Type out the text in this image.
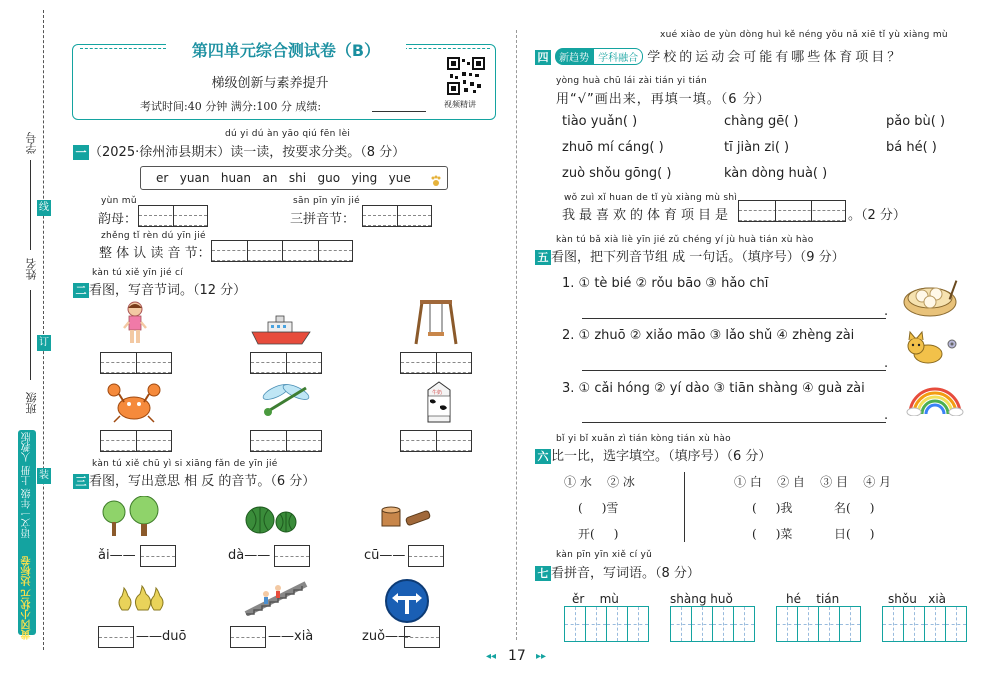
学号
姓名
班级
线
订
装
黄冈小状元 达标卷
语文一年级 上册 人教版
第四单元综合测试卷（B）
梯级创新与素养提升
考试时间:40 分钟 满分:100 分 成绩:	视频精讲
dú yi dú àn yāo qiú fēn lèi
一 （2025·徐州沛县期末）读一读，按要求分类。（8 分）
er   yuan   huan   an   shi   guo   ying   yue
yùn mǔ
韵母：
sān pīn yīn jié
三拼音节：
zhěng tǐ rèn dú yīn jié
整 体 认 读 音 节：
kàn tú xiě yīn jié cí
二 看图，写音节词。（12 分）
牛奶
kàn tú xiě chū yì si xiāng fǎn de yīn jié
三 看图，写出意思 相 反 的音节。（6 分）
ǎi——	dà——	cū——
——duō	——xià	zuǒ——
xué xiào de yùn dòng huì kě néng yǒu nǎ xiē tǐ yù xiàng mù
四 新趋势 学科融合 学校的运动会可能有哪些体育项目？
yòng huà chū lái zài tián yi tián
用“√”画出来，再填一填。（6 分）
tiào yuǎn( )	chàng gē( )	pǎo bù( )
zhuō mí cáng( )	tī jiàn zi( )	bá hé( )
zuò shǒu gōng( )	kàn dòng huà( )
wǒ zuì xǐ huan de tǐ yù xiàng mù shì
我最喜欢的体育项目是	。（2 分）
kàn tú bǎ xià liè yīn jié zǔ chéng yí jù huà tián xù hào
五 看图，把下列音节组 成 一句话。（填序号）（9 分）
1. ① tè bié ② rǒu bāo ③ hǎo chī
.
2. ① zhuō ② xiǎo māo ③ lǎo shǔ ④ zhèng zài
.
3. ① cǎi hóng ② yí dào ③ tiān shàng ④ guà zài
.
bǐ yi bǐ xuǎn zì tián kòng tián xù hào
六 比一比，选字填空。（填序号）（6 分）
① 水    ② 冰
(     )雪
开(     )
① 白    ② 自    ③ 目    ④ 月
(     )我	名(     )
(     )菜	日(     )
kàn pīn yīn xiě cí yǔ
七 看拼音，写词语。（8 分）
ěr    mù	shàng huǒ	hé    tián	shǒu   xià
◂◂ 17 ▸▸
